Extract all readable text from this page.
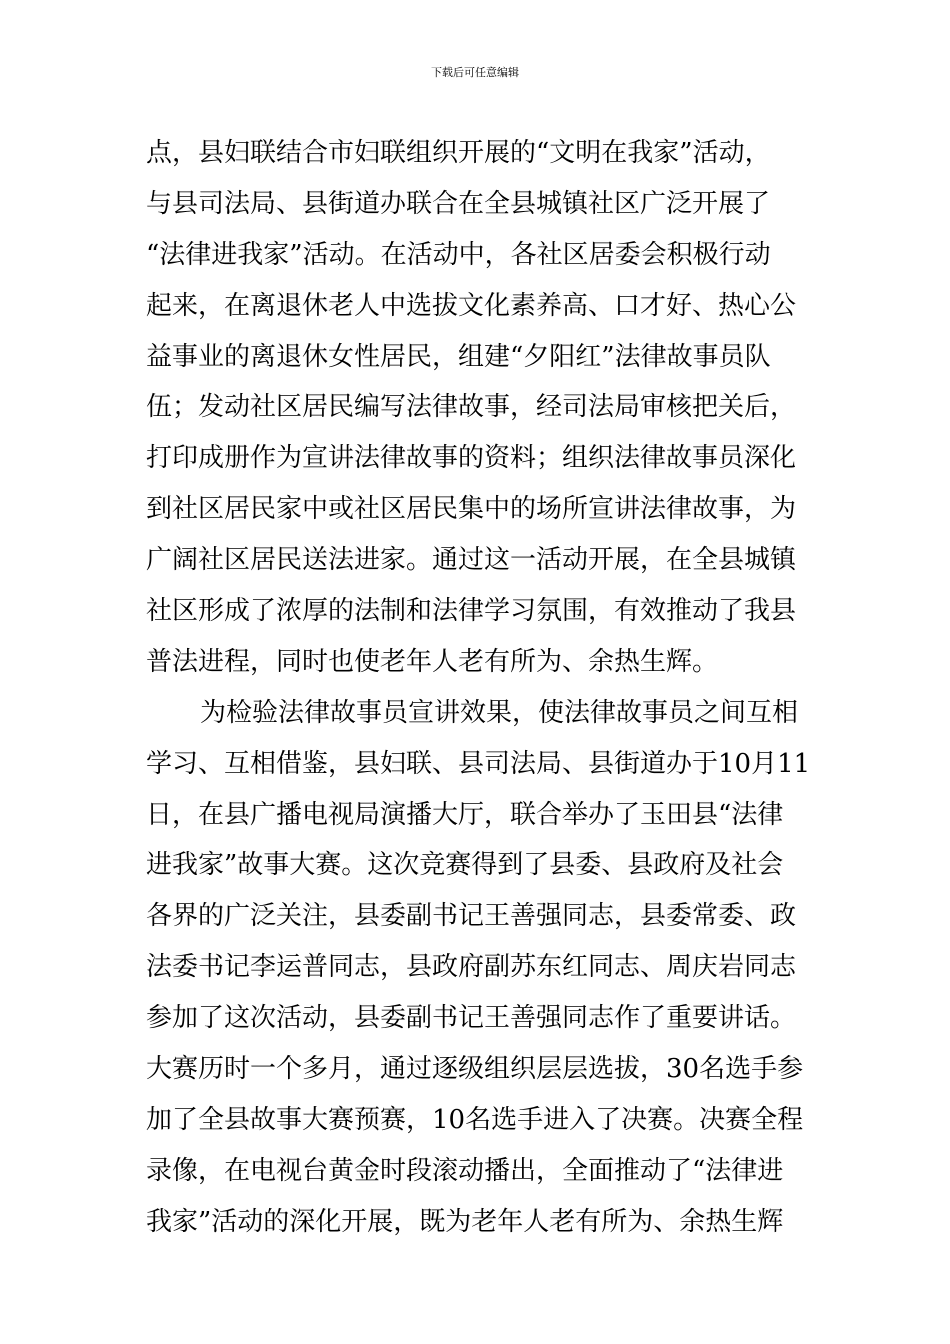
下载后可任意编辑
点，县妇联结合市妇联组织开展的“文明在我家”活动，
与县司法局、县街道办联合在全县城镇社区广泛开展了
“法律进我家”活动。在活动中，各社区居委会积极行动
起来，在离退休老人中选拔文化素养高、口才好、热心公
益事业的离退休女性居民，组建“夕阳红”法律故事员队
伍；发动社区居民编写法律故事，经司法局审核把关后，
打印成册作为宣讲法律故事的资料；组织法律故事员深化
到社区居民家中或社区居民集中的场所宣讲法律故事，为
广阔社区居民送法进家。通过这一活动开展，在全县城镇
社区形成了浓厚的法制和法律学习氛围，有效推动了我县
普法进程，同时也使老年人老有所为、余热生辉。
为检验法律故事员宣讲效果，使法律故事员之间互相
学习、互相借鉴，县妇联、县司法局、县街道办于10月11
日，在县广播电视局演播大厅，联合举办了玉田县“法律
进我家”故事大赛。这次竞赛得到了县委、县政府及社会
各界的广泛关注，县委副书记王善强同志，县委常委、政
法委书记李运普同志，县政府副苏东红同志、周庆岩同志
参加了这次活动，县委副书记王善强同志作了重要讲话。
大赛历时一个多月，通过逐级组织层层选拔，30名选手参
加了全县故事大赛预赛，10名选手进入了决赛。决赛全程
录像，在电视台黄金时段滚动播出，全面推动了“法律进
我家”活动的深化开展，既为老年人老有所为、余热生辉
